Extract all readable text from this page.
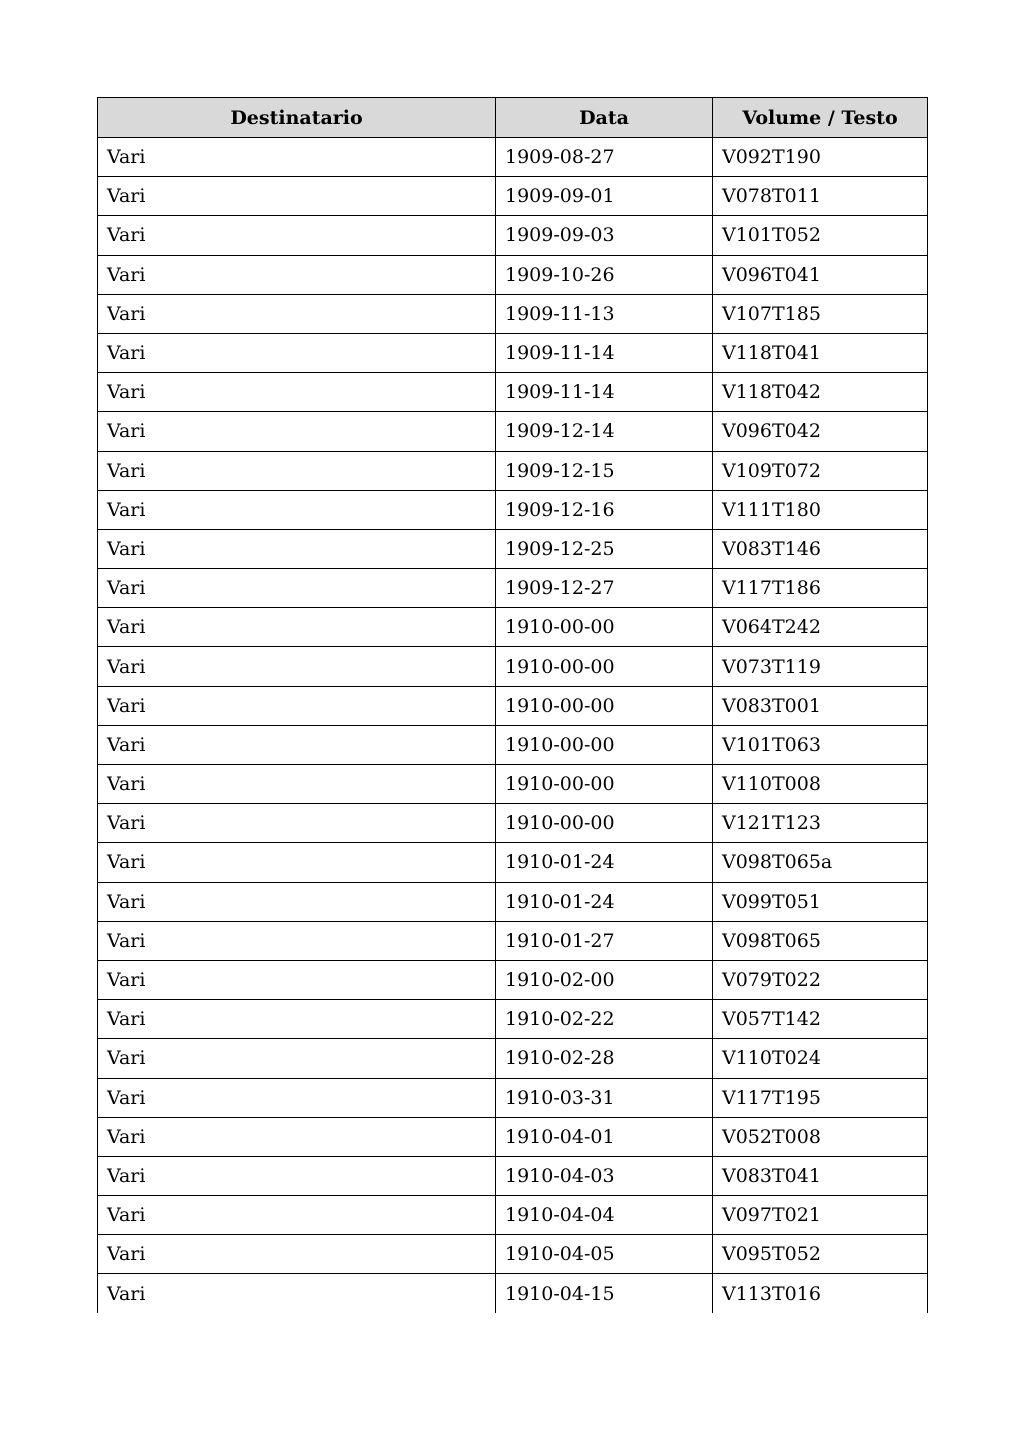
Destinatario	Data	Volume / Testo
Vari	1909-08-27	V092T190
Vari	1909-09-01	V078T011
Vari	1909-09-03	V101T052
Vari	1909-10-26	V096T041
Vari	1909-11-13	V107T185
Vari	1909-11-14	V118T041
Vari	1909-11-14	V118T042
Vari	1909-12-14	V096T042
Vari	1909-12-15	V109T072
Vari	1909-12-16	V111T180
Vari	1909-12-25	V083T146
Vari	1909-12-27	V117T186
Vari	1910-00-00	V064T242
Vari	1910-00-00	V073T119
Vari	1910-00-00	V083T001
Vari	1910-00-00	V101T063
Vari	1910-00-00	V110T008
Vari	1910-00-00	V121T123
Vari	1910-01-24	V098T065a
Vari	1910-01-24	V099T051
Vari	1910-01-27	V098T065
Vari	1910-02-00	V079T022
Vari	1910-02-22	V057T142
Vari	1910-02-28	V110T024
Vari	1910-03-31	V117T195
Vari	1910-04-01	V052T008
Vari	1910-04-03	V083T041
Vari	1910-04-04	V097T021
Vari	1910-04-05	V095T052
Vari	1910-04-15	V113T016
